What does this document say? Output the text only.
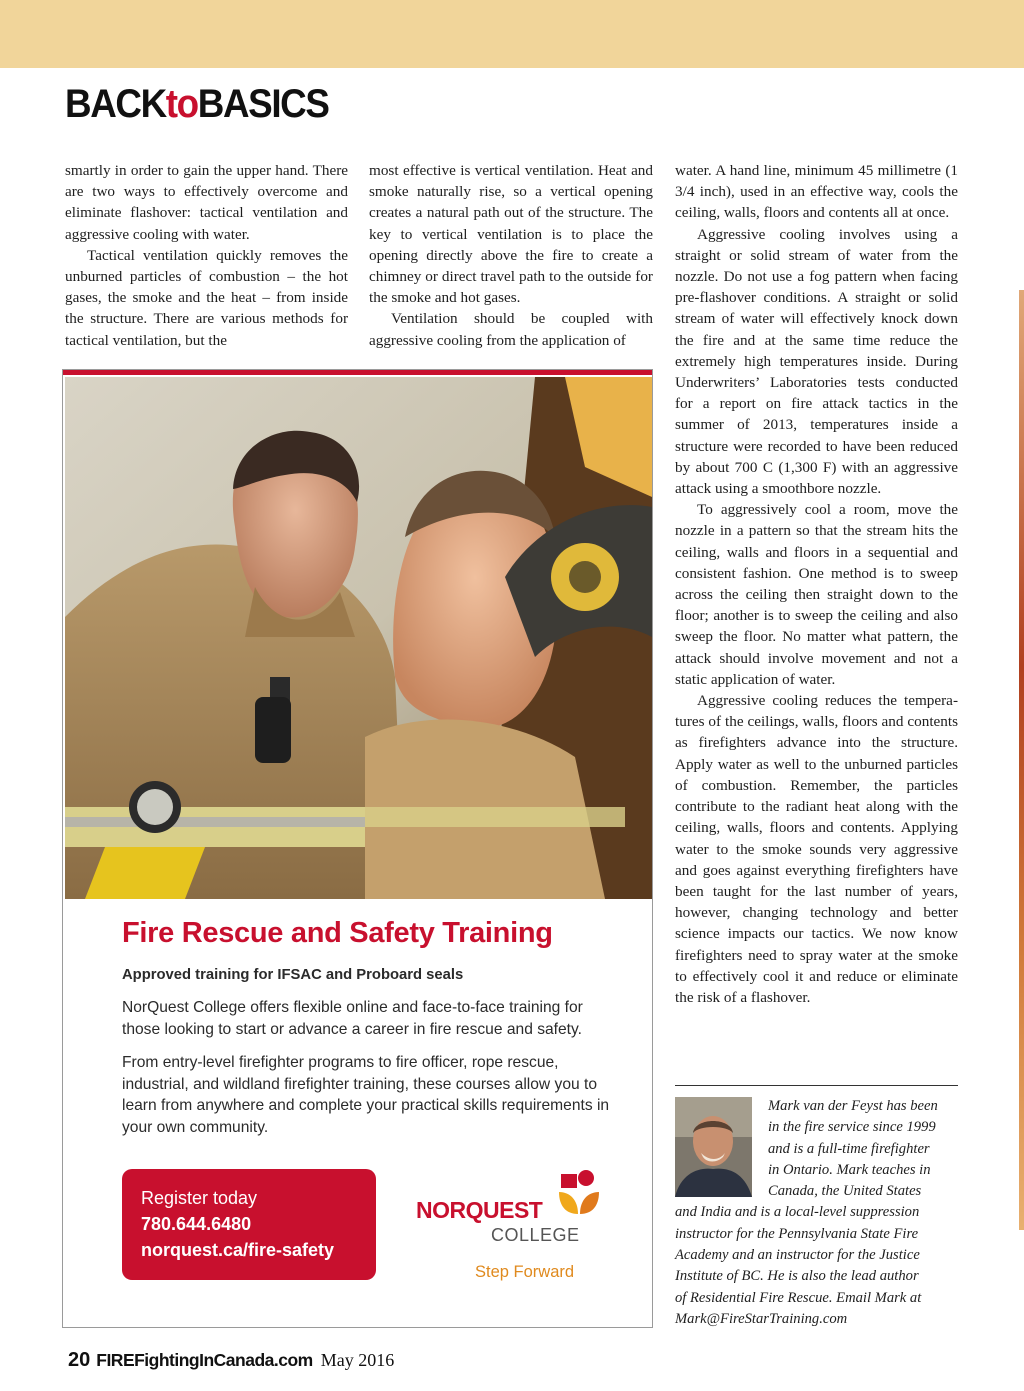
BACKtoBASICS

smartly in order to gain the upper hand. There are two ways to effectively overcome and eliminate flashover: tactical ventilation and aggressive cooling with water.

Tactical ventilation quickly removes the unburned particles of combustion – the hot gases, the smoke and the heat – from inside the structure. There are various methods for tactical ventilation, but the

most effective is vertical ventilation. Heat and smoke naturally rise, so a vertical opening creates a natural path out of the structure. The key to vertical ventilation is to place the opening directly above the fire to create a chimney or direct travel path to the outside for the smoke and hot gases.

Ventilation should be coupled with aggressive cooling from the application of

water. A hand line, minimum 45 millimetre (1 3/4 inch), used in an effective way, cools the ceiling, walls, floors and contents all at once.

Aggressive cooling involves using a straight or solid stream of water from the nozzle. Do not use a fog pattern when facing pre-flashover conditions. A straight or solid stream of water will effectively knock down the fire and at the same time reduce the extremely high temperatures inside. During Underwriters’ Laboratories tests conducted for a report on fire attack tactics in the summer of 2013, temperatures inside a structure were recorded to have been reduced by about 700 C (1,300 F) with an aggressive attack using a smoothbore nozzle.

To aggressively cool a room, move the nozzle in a pattern so that the stream hits the ceiling, walls and floors in a sequential and consistent fashion. One method is to sweep across the ceiling then straight down to the floor; another is to sweep the ceiling and also sweep the floor. No matter what pattern, the attack should involve movement and not a static application of water.

Aggressive cooling reduces the temperatures of the ceilings, walls, floors and contents as firefighters advance into the structure. Apply water as well to the unburned particles of combustion. Remember, the particles contribute to the radiant heat along with the ceiling, walls, floors and contents. Applying water to the smoke sounds very aggressive and goes against everything firefighters have been taught for the last number of years, however, changing technology and better science impacts our tactics. We now know firefighters need to spray water at the smoke to effectively cool it and reduce or eliminate the risk of a flashover.

Fire Rescue and Safety Training
Approved training for IFSAC and Proboard seals
NorQuest College offers flexible online and face-to-face training for those looking to start or advance a career in fire rescue and safety.
From entry-level firefighter programs to fire officer, rope rescue, industrial, and wildland firefighter training, these courses allow you to learn from anywhere and complete your practical skills requirements in your own community.
Register today
780.644.6480
norquest.ca/fire-safety
NORQUEST
COLLEGE
Step Forward
Mark van der Feyst has been
in the fire service since 1999
and is a full-time firefighter
in Ontario. Mark teaches in
Canada, the United States
and India and is a local-level suppression
instructor for the Pennsylvania State Fire
Academy and an instructor for the Justice
Institute of BC. He is also the lead author
of Residential Fire Rescue. Email Mark at
Mark@FireStarTraining.com
20 FIREFightingInCanada.com May 2016
